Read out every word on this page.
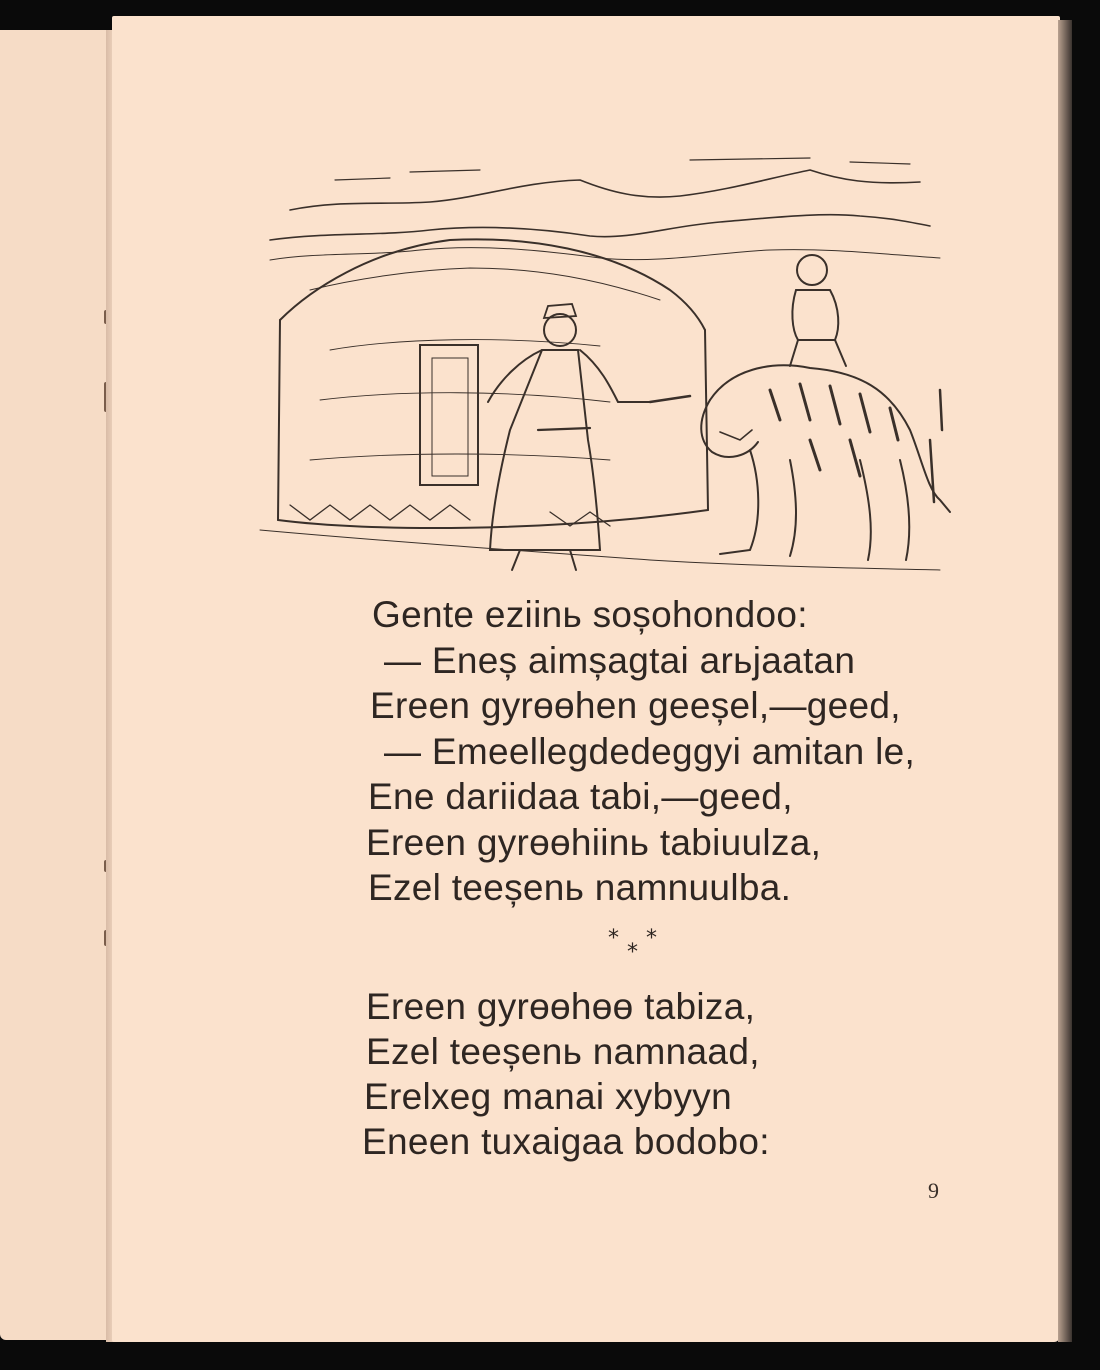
Gente eziinь soșohondoo:
— Eneș aimșagtai arьjaatan
Ereen gyrөөhen geeșel,—geed,
— Emeellegdedeggyi amitan le,
Ene dariidaa tabi,—geed,
Ereen gyrөөhiinь tabiuulza,
Ezel teeșenь namnuulba.
* *
*
Ereen gyrөөhөө tabiza,
Ezel teeșenь namnaad,
Erelxeg manai xybyyn
Eneen tuxaigaa bodobo:
9
